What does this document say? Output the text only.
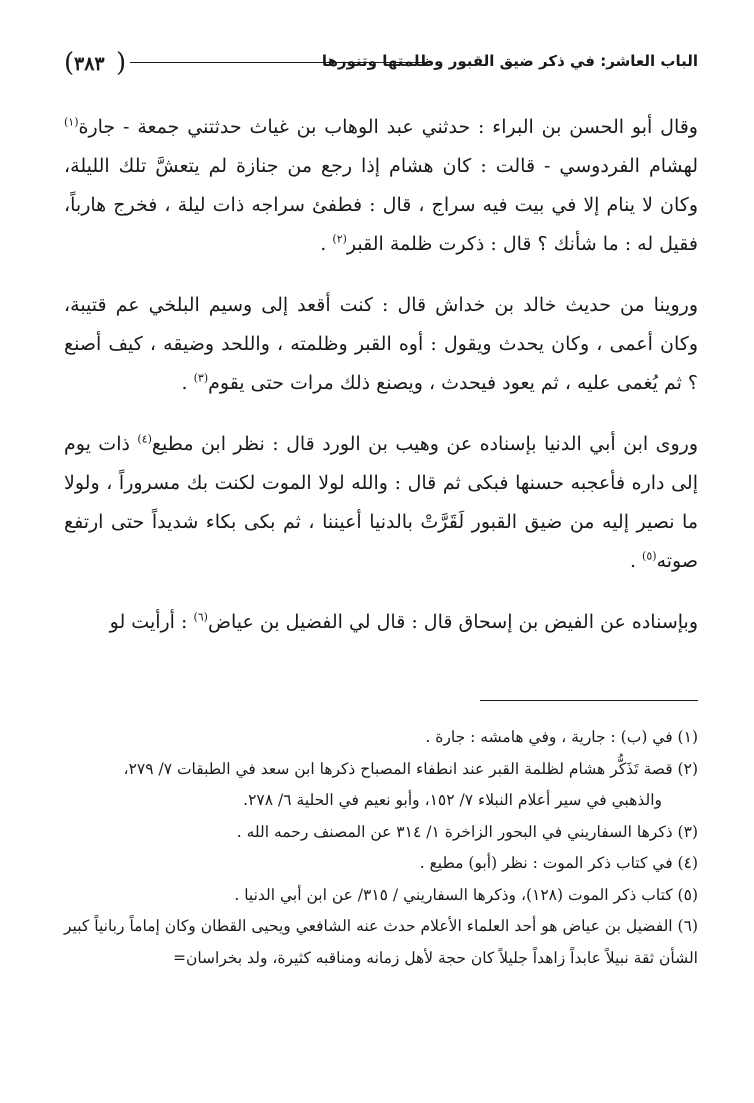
( ٣٨٣ )	الباب العاشر: في ذكر ضيق القبور وظلمتها وتنورها

وقال أبو الحسن بن البراء : حدثني عبد الوهاب بن غياث حدثتني جمعة - جارة$^{(١)}$ لهشام الفردوسي - قالت : كان هشام إذا رجع من جنازة لم يتعشَّ تلك الليلة، وكان لا ينام إلا في بيت فيه سراج ، قال : فطفئ سراجه ذات ليلة ، فخرج هارباً، فقيل له : ما شأنك ؟ قال : ذكرت ظلمة القبر$^{(٢)}$ .

وروينا من حديث خالد بن خداش قال : كنت أقعد إلى وسيم البلخي عم قتيبة، وكان أعمى ، وكان يحدث ويقول : أوه القبر وظلمته ، واللحد وضيقه ، كيف أصنع ؟ ثم يُغمى عليه ، ثم يعود فيحدث ، ويصنع ذلك مرات حتى يقوم$^{(٣)}$ .

وروى ابن أبي الدنيا بإسناده عن وهيب بن الورد قال : نظر ابن مطيع$^{(٤)}$ ذات يوم إلى داره فأعجبه حسنها فبكى ثم قال : والله لولا الموت لكنت بك مسروراً ، ولولا ما نصير إليه من ضيق القبور لَقَرَّتْ بالدنيا أعيننا ، ثم بكى بكاء شديداً حتى ارتفع صوته$^{(٥)}$ .

وبإسناده عن الفيض بن إسحاق قال : قال لي الفضيل بن عياض$^{(٦)}$ : أرأيت لو

(١) في (ب) : جارية ، وفي هامشه : جارة .

(٢) قصة تَذَكُّر هشام لظلمة القبر عند انطفاء المصباح ذكرها ابن سعد في الطبقات ٧/ ٢٧٩،
والذهبي في سير أعلام النبلاء ٧/ ١٥٢، وأبو نعيم في الحلية ٦/ ٢٧٨.

(٣) ذكرها السفاريني في البحور الزاخرة ١/ ٣١٤ عن المصنف رحمه الله .

(٤) في كتاب ذكر الموت : نظر (أبو) مطيع .

(٥) كتاب ذكر الموت (١٢٨)، وذكرها السفاريني / ٣١٥/ عن ابن أبي الدنيا .

(٦) الفضيل بن عياض هو أحد العلماء الأعلام حدث عنه الشافعي ويحيى القطان وكان إماماً ربانياً كبير الشأن ثقة نبيلاً عابداً زاهداً جليلاً كان حجة لأهل زمانه ومناقبه كثيرة، ولد بخراسان=
